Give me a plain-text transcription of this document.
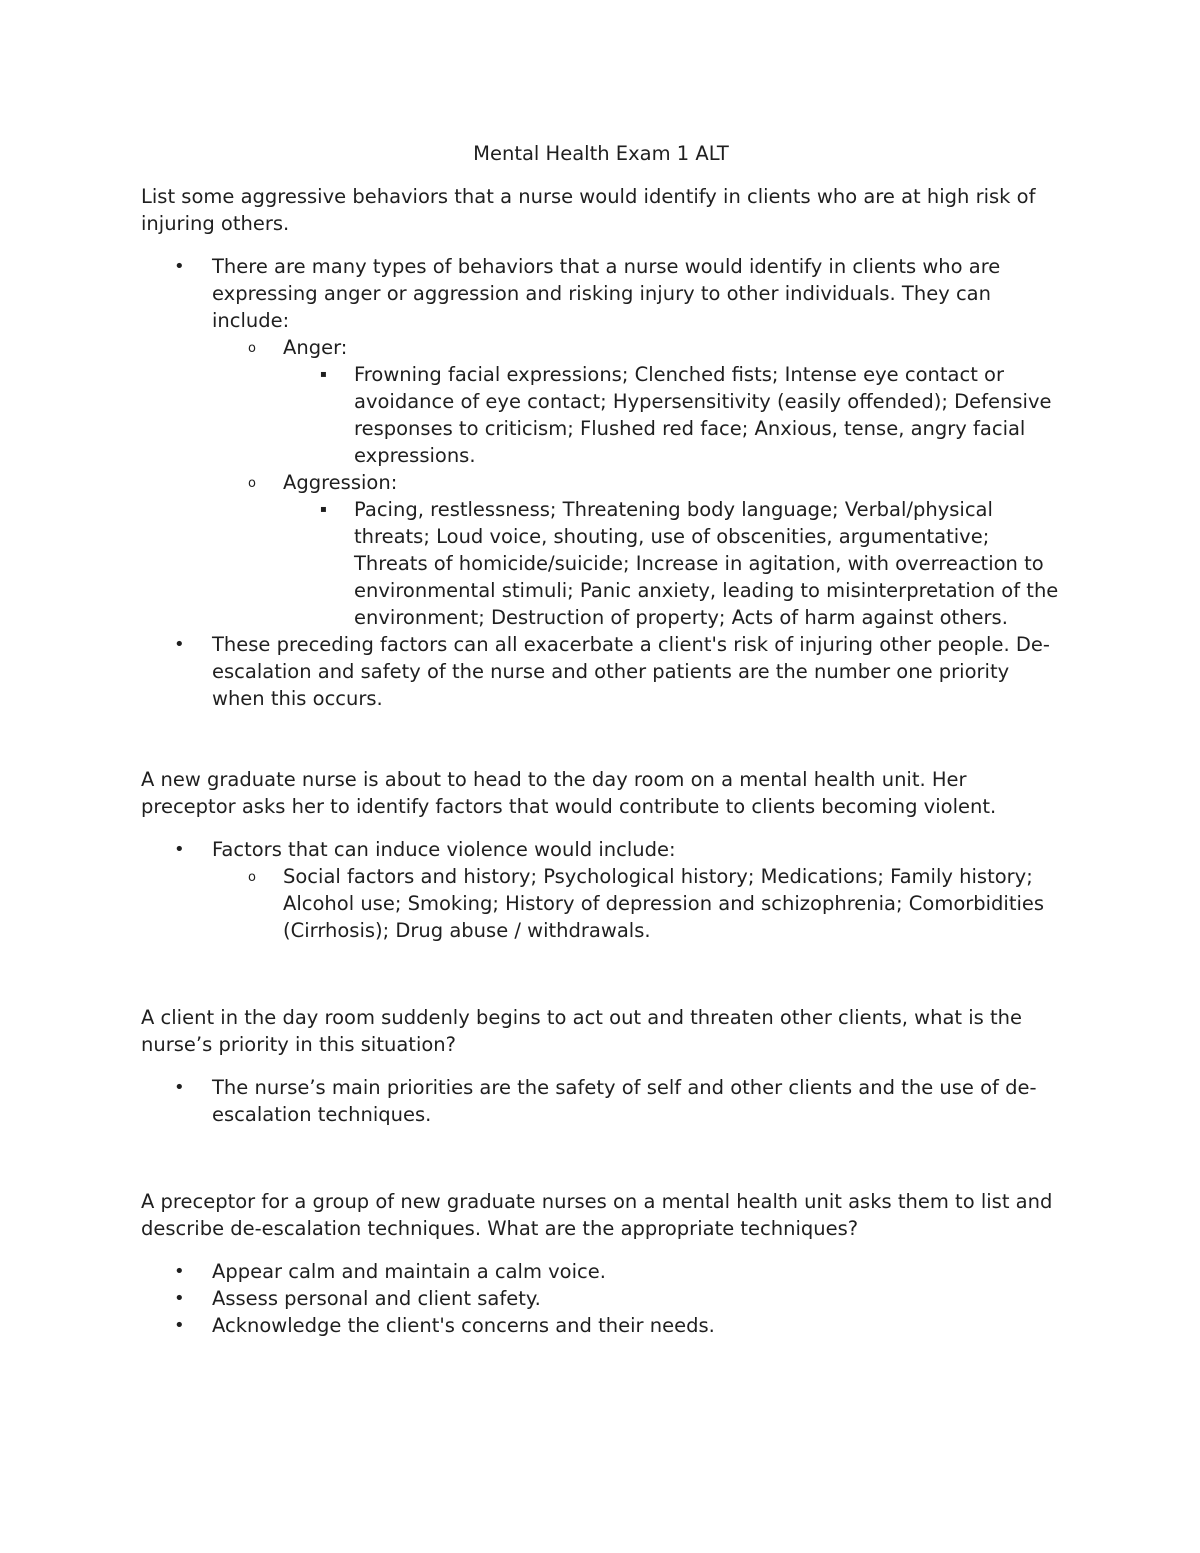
Mental Health Exam 1 ALT

List some aggressive behaviors that a nurse would identify in clients who are at high risk of injuring others.

• There are many types of behaviors that a nurse would identify in clients who are expressing anger or aggression and risking injury to other individuals. They can include:
o Anger:
▪ Frowning facial expressions; Clenched fists; Intense eye contact or avoidance of eye contact; Hypersensitivity (easily offended); Defensive responses to criticism; Flushed red face; Anxious, tense, angry facial expressions.
o Aggression:
▪ Pacing, restlessness; Threatening body language; Verbal/physical threats; Loud voice, shouting, use of obscenities, argumentative; Threats of homicide/suicide; Increase in agitation, with overreaction to environmental stimuli; Panic anxiety, leading to misinterpretation of the environment; Destruction of property; Acts of harm against others.
• These preceding factors can all exacerbate a client's risk of injuring other people. De-escalation and safety of the nurse and other patients are the number one priority when this occurs.

A new graduate nurse is about to head to the day room on a mental health unit. Her preceptor asks her to identify factors that would contribute to clients becoming violent.

• Factors that can induce violence would include:
o Social factors and history; Psychological history; Medications; Family history; Alcohol use; Smoking; History of depression and schizophrenia; Comorbidities (Cirrhosis); Drug abuse / withdrawals.

A client in the day room suddenly begins to act out and threaten other clients, what is the nurse’s priority in this situation?

• The nurse’s main priorities are the safety of self and other clients and the use of de-escalation techniques.

A preceptor for a group of new graduate nurses on a mental health unit asks them to list and describe de-escalation techniques. What are the appropriate techniques?

• Appear calm and maintain a calm voice.
• Assess personal and client safety.
• Acknowledge the client's concerns and their needs.
